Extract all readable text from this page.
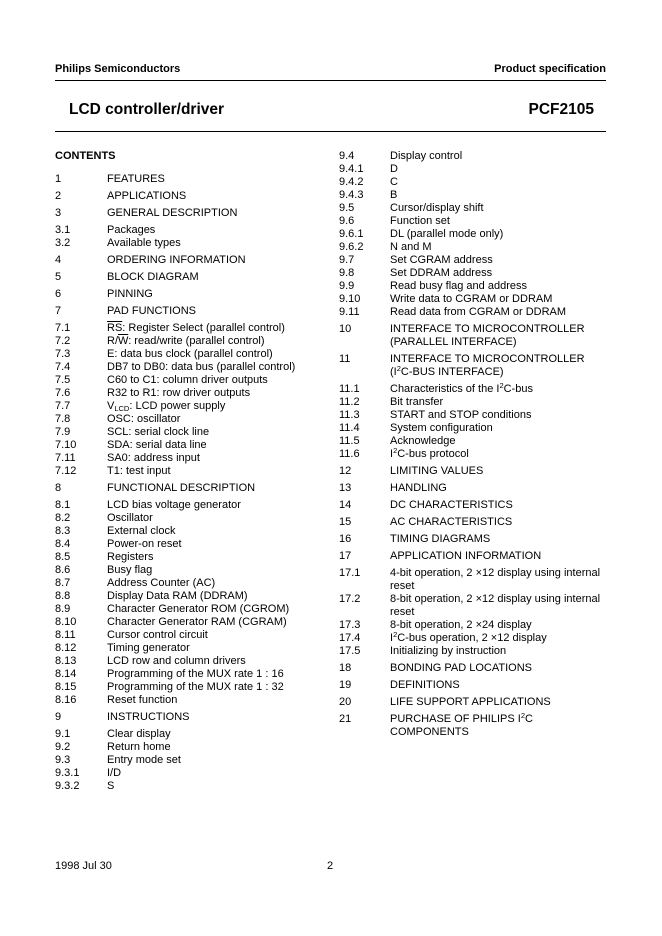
Philips Semiconductors	Product specification
LCD controller/driver	PCF2105
CONTENTS
1	FEATURES
2	APPLICATIONS
3	GENERAL DESCRIPTION
3.1	Packages
3.2	Available types
4	ORDERING INFORMATION
5	BLOCK DIAGRAM
6	PINNING
7	PAD FUNCTIONS
7.1	$\overline{RS}$: Register Select (parallel control)
7.2	$R/\overline{W}$: read/write (parallel control)
7.3	E: data bus clock (parallel control)
7.4	DB7 to DB0: data bus (parallel control)
7.5	C60 to C1: column driver outputs
7.6	R32 to R1: row driver outputs
7.7	VLCD: LCD power supply
7.8	OSC: oscillator
7.9	SCL: serial clock line
7.10	SDA: serial data line
7.11	SA0: address input
7.12	T1: test input
8	FUNCTIONAL DESCRIPTION
8.1	LCD bias voltage generator
8.2	Oscillator
8.3	External clock
8.4	Power-on reset
8.5	Registers
8.6	Busy flag
8.7	Address Counter (AC)
8.8	Display Data RAM (DDRAM)
8.9	Character Generator ROM (CGROM)
8.10	Character Generator RAM (CGRAM)
8.11	Cursor control circuit
8.12	Timing generator
8.13	LCD row and column drivers
8.14	Programming of the MUX rate 1 : 16
8.15	Programming of the MUX rate 1 : 32
8.16	Reset function
9	INSTRUCTIONS
9.1	Clear display
9.2	Return home
9.3	Entry mode set
9.3.1	I/D
9.3.2	S
9.4	Display control
9.4.1	D
9.4.2	C
9.4.3	B
9.5	Cursor/display shift
9.6	Function set
9.6.1	DL (parallel mode only)
9.6.2	N and M
9.7	Set CGRAM address
9.8	Set DDRAM address
9.9	Read busy flag and address
9.10	Write data to CGRAM or DDRAM
9.11	Read data from CGRAM or DDRAM
10	INTERFACE TO MICROCONTROLLER
(PARALLEL INTERFACE)
11	INTERFACE TO MICROCONTROLLER
($I^2C$-BUS INTERFACE)
11.1	Characteristics of the $I^2C$-bus
11.2	Bit transfer
11.3	START and STOP conditions
11.4	System configuration
11.5	Acknowledge
11.6	$I^2C$-bus protocol
12	LIMITING VALUES
13	HANDLING
14	DC CHARACTERISTICS
15	AC CHARACTERISTICS
16	TIMING DIAGRAMS
17	APPLICATION INFORMATION
17.1	4-bit operation, 2 ×12 display using internal
reset
17.2	8-bit operation, 2 ×12 display using internal
reset
17.3	8-bit operation, 2 ×24 display
17.4	$I^2C$-bus operation, 2 ×12 display
17.5	Initializing by instruction
18	BONDING PAD LOCATIONS
19	DEFINITIONS
20	LIFE SUPPORT APPLICATIONS
21	PURCHASE OF PHILIPS $I^2C$ COMPONENTS
1998 Jul 30	2
